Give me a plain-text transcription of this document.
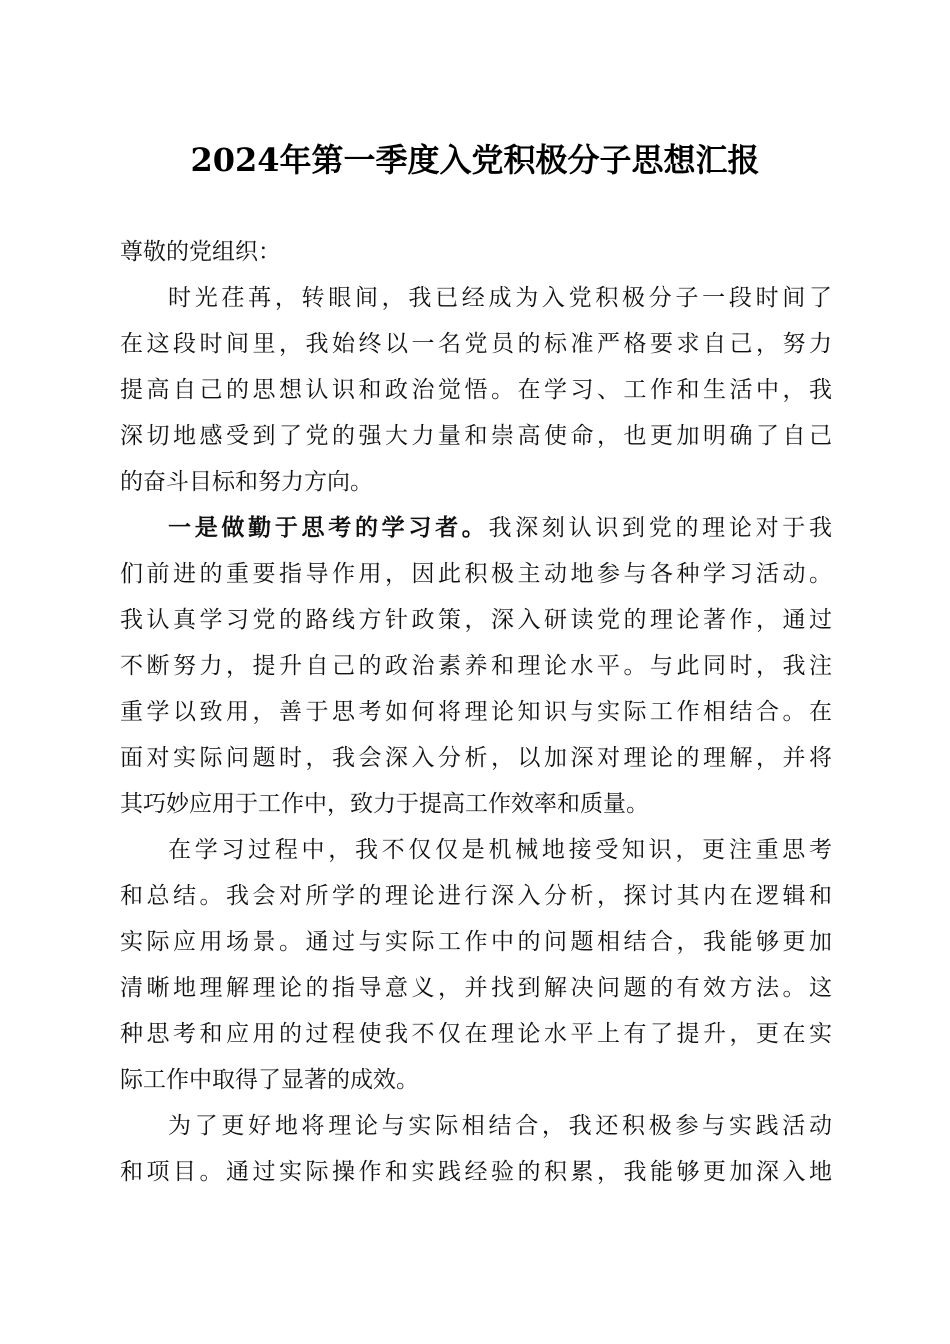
2024年第一季度入党积极分子思想汇报
尊敬的党组织：
时光荏苒，转眼间，我已经成为入党积极分子一段时间了
在这段时间里，我始终以一名党员的标准严格要求自己，努力
提高自己的思想认识和政治觉悟。在学习、工作和生活中，我
深切地感受到了党的强大力量和崇高使命，也更加明确了自己
的奋斗目标和努力方向。
一是做勤于思考的学习者。我深刻认识到党的理论对于我
们前进的重要指导作用，因此积极主动地参与各种学习活动。
我认真学习党的路线方针政策，深入研读党的理论著作，通过
不断努力，提升自己的政治素养和理论水平。与此同时，我注
重学以致用，善于思考如何将理论知识与实际工作相结合。在
面对实际问题时，我会深入分析，以加深对理论的理解，并将
其巧妙应用于工作中，致力于提高工作效率和质量。
在学习过程中，我不仅仅是机械地接受知识，更注重思考
和总结。我会对所学的理论进行深入分析，探讨其内在逻辑和
实际应用场景。通过与实际工作中的问题相结合，我能够更加
清晰地理解理论的指导意义，并找到解决问题的有效方法。这
种思考和应用的过程使我不仅在理论水平上有了提升，更在实
际工作中取得了显著的成效。
为了更好地将理论与实际相结合，我还积极参与实践活动
和项目。通过实际操作和实践经验的积累，我能够更加深入地
